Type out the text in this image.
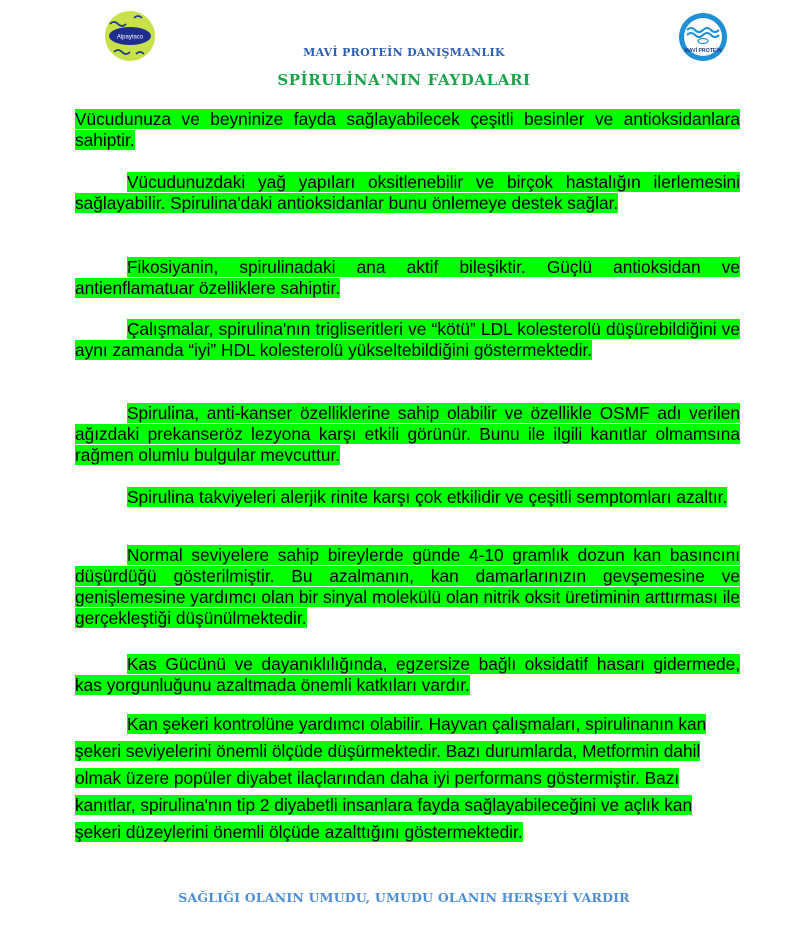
Alpaytaco
MAVİ PROTEİN
MAVİ PROTEİN DANIŞMANLIK
SPİRULİNA'NIN FAYDALARI

Vücudunuza ve beyninize fayda sağlayabilecek çeşitli besinler ve antioksidanlara sahiptir.

Vücudunuzdaki yağ yapıları oksitlenebilir ve birçok hastalığın ilerlemesini sağlayabilir. Spirulina'daki antioksidanlar bunu önlemeye destek sağlar.

Fikosiyanin, spirulinadaki ana aktif bileşiktir. Güçlü antioksidan ve antienflamatuar özelliklere sahiptir.

Çalışmalar, spirulina'nın trigliseritleri ve “kötü” LDL kolesterolü düşürebildiğini ve aynı zamanda “iyi” HDL kolesterolü yükseltebildiğini göstermektedir.

Spirulina, anti-kanser özelliklerine sahip olabilir ve özellikle OSMF adı verilen ağızdaki prekanseröz lezyona karşı etkili görünür. Bunu ile ilgili kanıtlar olmamsına rağmen olumlu bulgular mevcuttur.

Spirulina takviyeleri alerjik rinite karşı çok etkilidir ve çeşitli semptomları azaltır.

Normal seviyelere sahip bireylerde günde 4-10 gramlık dozun kan basıncını düşürdüğü gösterilmiştir. Bu azalmanın, kan damarlarınızın gevşemesine ve genişlemesine yardımcı olan bir sinyal molekülü olan nitrik oksit üretiminin arttırması ile gerçekleştiği düşünülmektedir.

Kas Gücünü ve dayanıklılığında, egzersize bağlı oksidatif hasarı gidermede, kas yorgunluğunu azaltmada önemli katkıları vardır.

Kan şekeri kontrolüne yardımcı olabilir. Hayvan çalışmaları, spirulinanın kan şekeri seviyelerini önemli ölçüde düşürmektedir. Bazı durumlarda, Metformin dahil olmak üzere popüler diyabet ilaçlarından daha iyi performans göstermiştir. Bazı kanıtlar, spirulina'nın tip 2 diyabetli insanlara fayda sağlayabileceğini ve açlık kan şekeri düzeylerini önemli ölçüde azalttığını göstermektedir.

SAĞLIĞI OLANIN UMUDU, UMUDU OLANIN HERŞEYİ VARDIR
